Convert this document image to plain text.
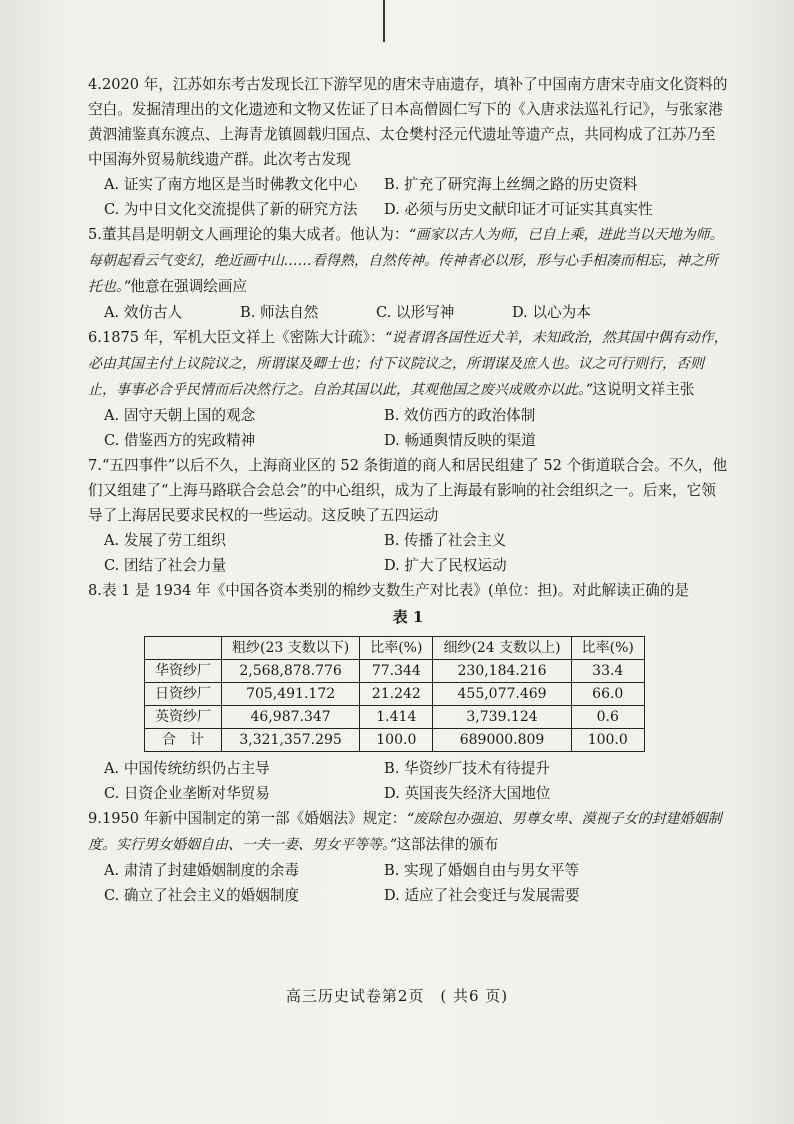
4.2020 年，江苏如东考古发现长江下游罕见的唐宋寺庙遗存，填补了中国南方唐宋寺庙文化资料的空白。发掘清理出的文化遗迹和文物又佐证了日本高僧圆仁写下的《入唐求法巡礼行记》，与张家港黄泗浦鉴真东渡点、上海青龙镇圆载归国点、太仓樊村泾元代遗址等遗产点，共同构成了江苏乃至中国海外贸易航线遗产群。此次考古发现

A. 证实了南方地区是当时佛教文化中心	B. 扩充了研究海上丝绸之路的历史资料
C. 为中日文化交流提供了新的研究方法	D. 必须与历史文献印证才可证实其真实性

5.董其昌是明朝文人画理论的集大成者。他认为：“画家以古人为师，已自上乘，进此当以天地为师。每朝起看云气变幻，绝近画中山……看得熟，自然传神。传神者必以形，形与心手相凑而相忘，神之所托也。”他意在强调绘画应

A. 效仿古人	B. 师法自然	C. 以形写神	D. 以心为本

6.1875 年，军机大臣文祥上《密陈大计疏》：“说者谓各国性近犬羊，未知政治，然其国中偶有动作，必由其国主付上议院议之，所谓谋及卿士也；付下议院议之，所谓谋及庶人也。议之可行则行，否则止，事事必合乎民情而后决然行之。自治其国以此，其观他国之废兴成败亦以此。”这说明文祥主张

A. 固守天朝上国的观念	B. 效仿西方的政治体制
C. 借鉴西方的宪政精神	D. 畅通舆情反映的渠道

7.“五四事件”以后不久，上海商业区的 52 条街道的商人和居民组建了 52 个街道联合会。不久，他们又组建了“上海马路联合会总会”的中心组织，成为了上海最有影响的社会组织之一。后来，它领导了上海居民要求民权的一些运动。这反映了五四运动

A. 发展了劳工组织	B. 传播了社会主义
C. 团结了社会力量	D. 扩大了民权运动

8.表 1 是 1934 年《中国各资本类别的棉纱支数生产对比表》(单位：担)。对此解读正确的是

表 1
	粗纱(23 支数以下)	比率(%)	细纱(24 支数以上)	比率(%)
华资纱厂	2,568,878.776	77.344	230,184.216	33.4
日资纱厂	705,491.172	21.242	455,077.469	66.0
英资纱厂	46,987.347	1.414	3,739.124	0.6
合　计	3,321,357.295	100.0	689000.809	100.0
A. 中国传统纺织仍占主导	B. 华资纱厂技术有待提升
C. 日资企业垄断对华贸易	D. 英国丧失经济大国地位

9.1950 年新中国制定的第一部《婚姻法》规定：“废除包办强迫、男尊女卑、漠视子女的封建婚姻制度。实行男女婚姻自由、一夫一妻、男女平等等。”这部法律的颁布

A. 肃清了封建婚姻制度的余毒	B. 实现了婚姻自由与男女平等
C. 确立了社会主义的婚姻制度	D. 适应了社会变迁与发展需要
高三历史试卷第2页　( 共6 页)
